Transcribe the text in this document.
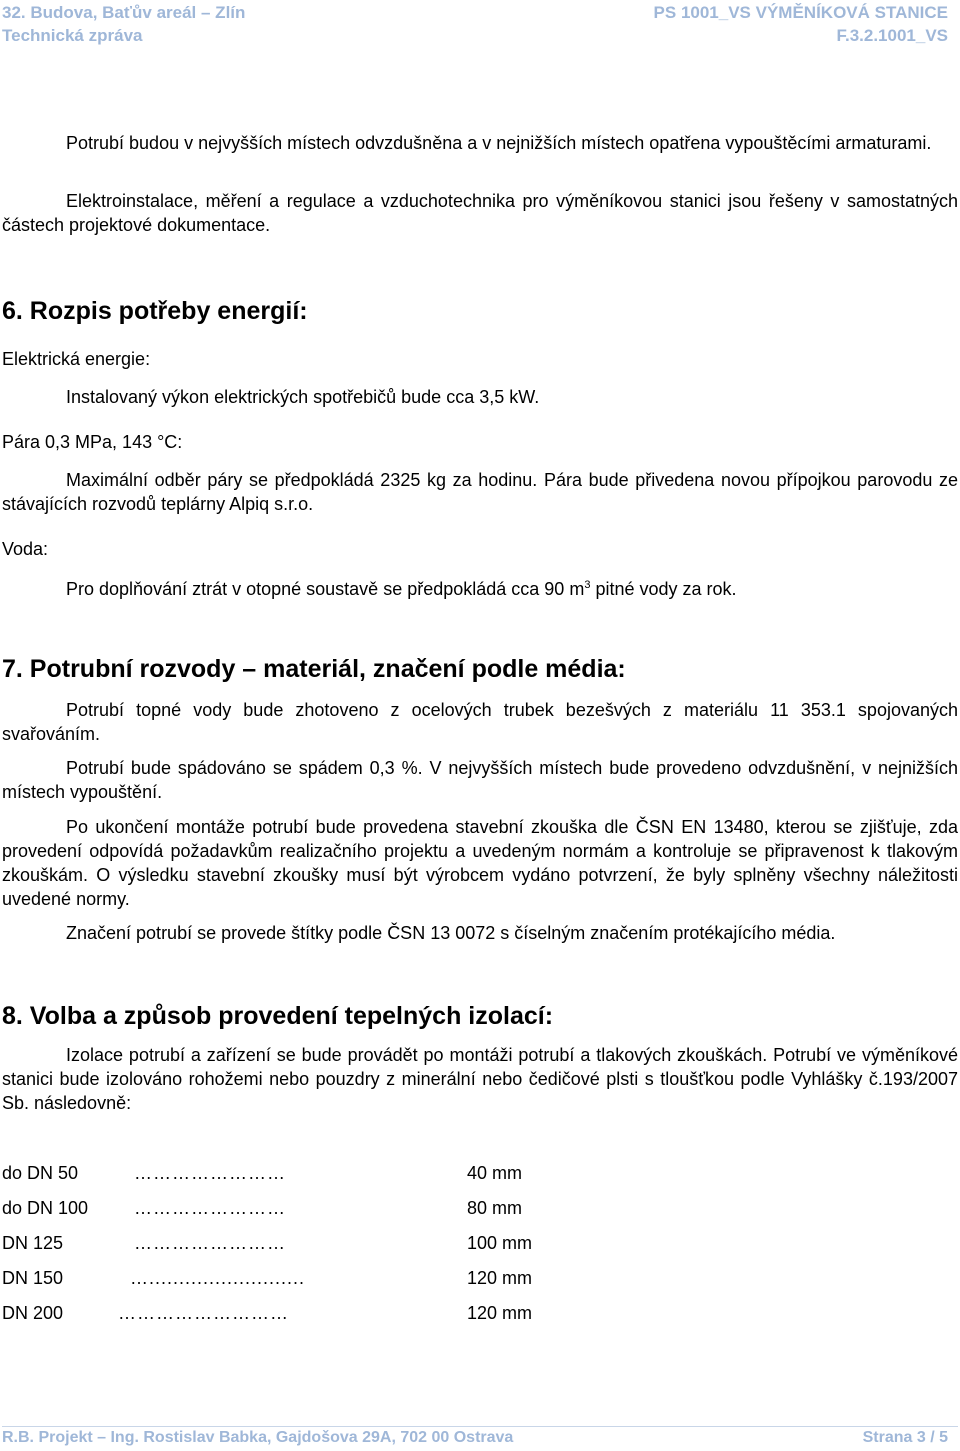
32. Budova, Baťův areál – Zlín
Technická zpráva
PS 1001_VS VÝMĚNÍKOVÁ STANICE
F.3.2.1001_VS
Potrubí budou v nejvyšších místech odvzdušněna a v nejnižších místech opatřena vypouštěcími armaturami.
Elektroinstalace, měření a regulace a vzduchotechnika pro výměníkovou stanici jsou řešeny v samostatných částech projektové dokumentace.
6. Rozpis potřeby energií:
Elektrická energie:
Instalovaný výkon elektrických spotřebičů bude cca 3,5 kW.
Pára 0,3 MPa, 143 °C:
Maximální odběr páry se předpokládá 2325 kg za hodinu. Pára bude přivedena novou přípojkou parovodu ze stávajících rozvodů teplárny Alpiq s.r.o.
Voda:
Pro doplňování ztrát v otopné soustavě se předpokládá cca 90 $m^3$ pitné vody za rok.
7. Potrubní rozvody – materiál, značení podle média:
Potrubí topné vody bude zhotoveno z ocelových trubek bezešvých z materiálu 11 353.1 spojovaných svařováním.
Potrubí bude spádováno se spádem 0,3 %. V nejvyšších místech bude provedeno odvzdušnění, v nejnižších místech vypouštění.
Po ukončení montáže potrubí bude provedena stavební zkouška dle ČSN EN 13480, kterou se zjišťuje, zda provedení odpovídá požadavkům realizačního projektu a uvedeným normám a kontroluje se připravenost k tlakovým zkouškám. O výsledku stavební zkoušky musí být výrobcem vydáno potvrzení, že byly splněny všechny náležitosti uvedené normy.
Značení potrubí se provede štítky podle ČSN 13 0072 s číselným značením protékajícího média.
8. Volba a způsob provedení tepelných izolací:
Izolace potrubí a zařízení se bude provádět po montáži potrubí a tlakových zkouškách. Potrubí ve výměníkové stanici bude izolováno rohožemi nebo pouzdry z minerální nebo čedičové plsti s tloušťkou podle Vyhlášky č.193/2007 Sb. následovně:
do DN 50	……………………	40 mm
do DN 100	……………………	80 mm
DN 125	……………………	100 mm
DN 150	…..........................	120 mm
DN 200	………………………	120 mm
R.B. Projekt – Ing. Rostislav Babka, Gajdošova 29A, 702 00 Ostrava	Strana 3 / 5
